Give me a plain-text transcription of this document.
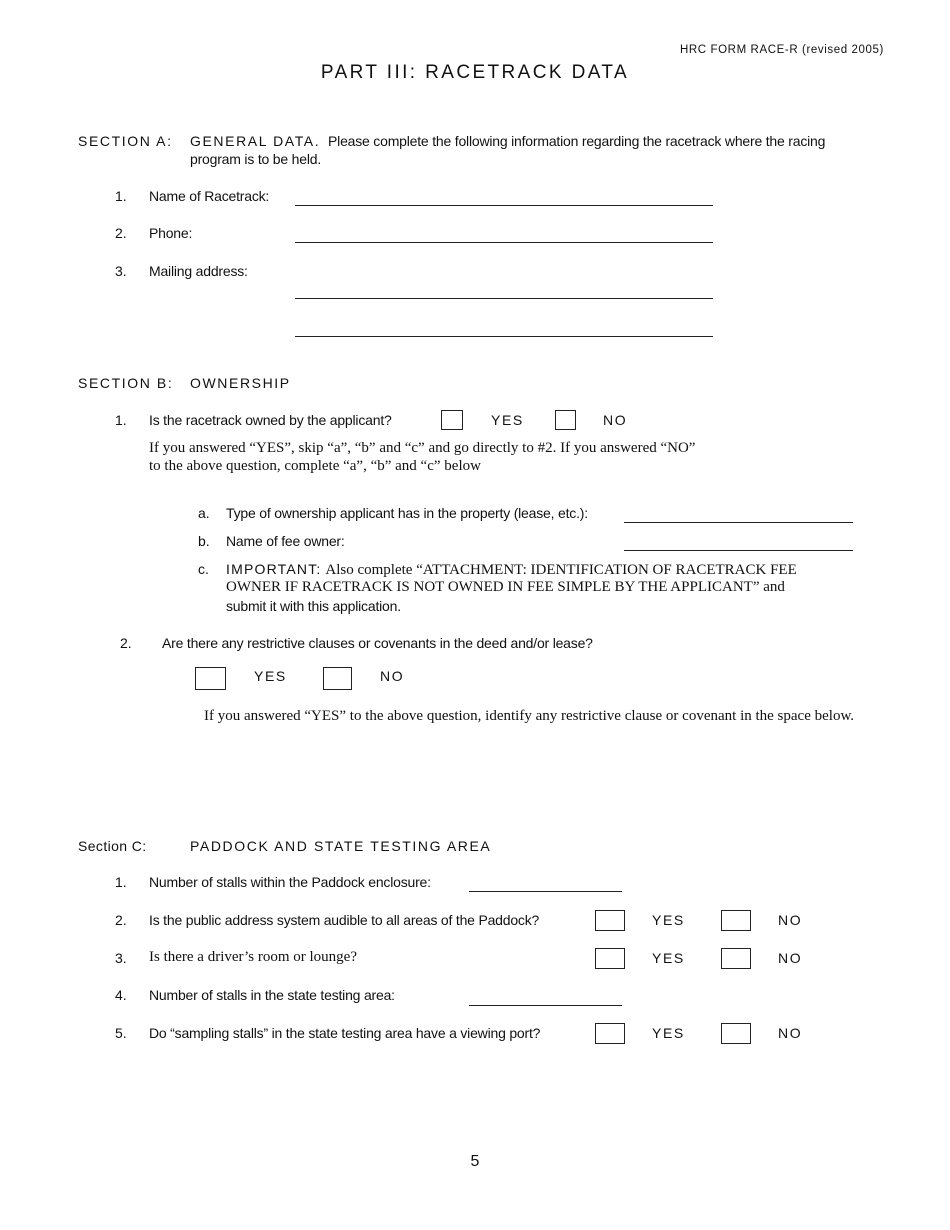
HRC FORM RACE-R (revised 2005)
PART III: RACETRACK DATA
SECTION A: GENERAL DATA. Please complete the following information regarding the racetrack where the racing
program is to be held.
1. Name of Racetrack:
2. Phone:
3. Mailing address:
SECTION B: OWNERSHIP
1. Is the racetrack owned by the applicant?	YES	NO
If you answered “YES”, skip “a”, “b” and “c” and go directly to #2. If you answered “NO”
to the above question, complete “a”, “b” and “c” below
a. Type of ownership applicant has in the property (lease, etc.):
b. Name of fee owner:
c. IMPORTANT: Also complete “ATTACHMENT: IDENTIFICATION OF RACETRACK FEE
OWNER IF RACETRACK IS NOT OWNED IN FEE SIMPLE BY THE APPLICANT” and
submit it with this application.
2. Are there any restrictive clauses or covenants in the deed and/or lease?
YES	NO
If you answered “YES” to the above question, identify any restrictive clause or covenant in the space below.
Section C:	PADDOCK AND STATE TESTING AREA
1. Number of stalls within the Paddock enclosure:
2. Is the public address system audible to all areas of the Paddock?	YES	NO
3. Is there a driver’s room or lounge?	YES	NO
4. Number of stalls in the state testing area:
5. Do “sampling stalls” in the state testing area have a viewing port?	YES	NO
5
